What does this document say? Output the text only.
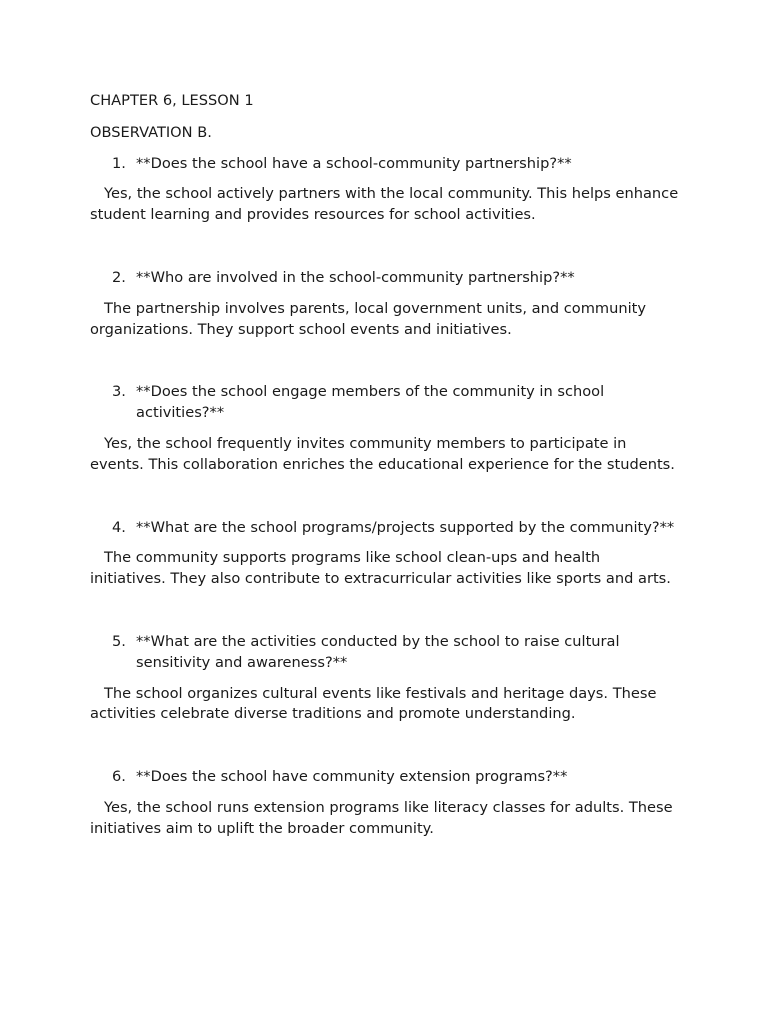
CHAPTER 6, LESSON 1

OBSERVATION B.

1. **Does the school have a school-community partnership?**

Yes, the school actively partners with the local community. This helps enhance student learning and provides resources for school activities.

2. **Who are involved in the school-community partnership?**

The partnership involves parents, local government units, and community organizations. They support school events and initiatives.

3. **Does the school engage members of the community in school activities?**

Yes, the school frequently invites community members to participate in events. This collaboration enriches the educational experience for the students.

4. **What are the school programs/projects supported by the community?**

The community supports programs like school clean-ups and health initiatives. They also contribute to extracurricular activities like sports and arts.

5. **What are the activities conducted by the school to raise cultural sensitivity and awareness?**

The school organizes cultural events like festivals and heritage days. These activities celebrate diverse traditions and promote understanding.

6. **Does the school have community extension programs?**

Yes, the school runs extension programs like literacy classes for adults. These initiatives aim to uplift the broader community.
